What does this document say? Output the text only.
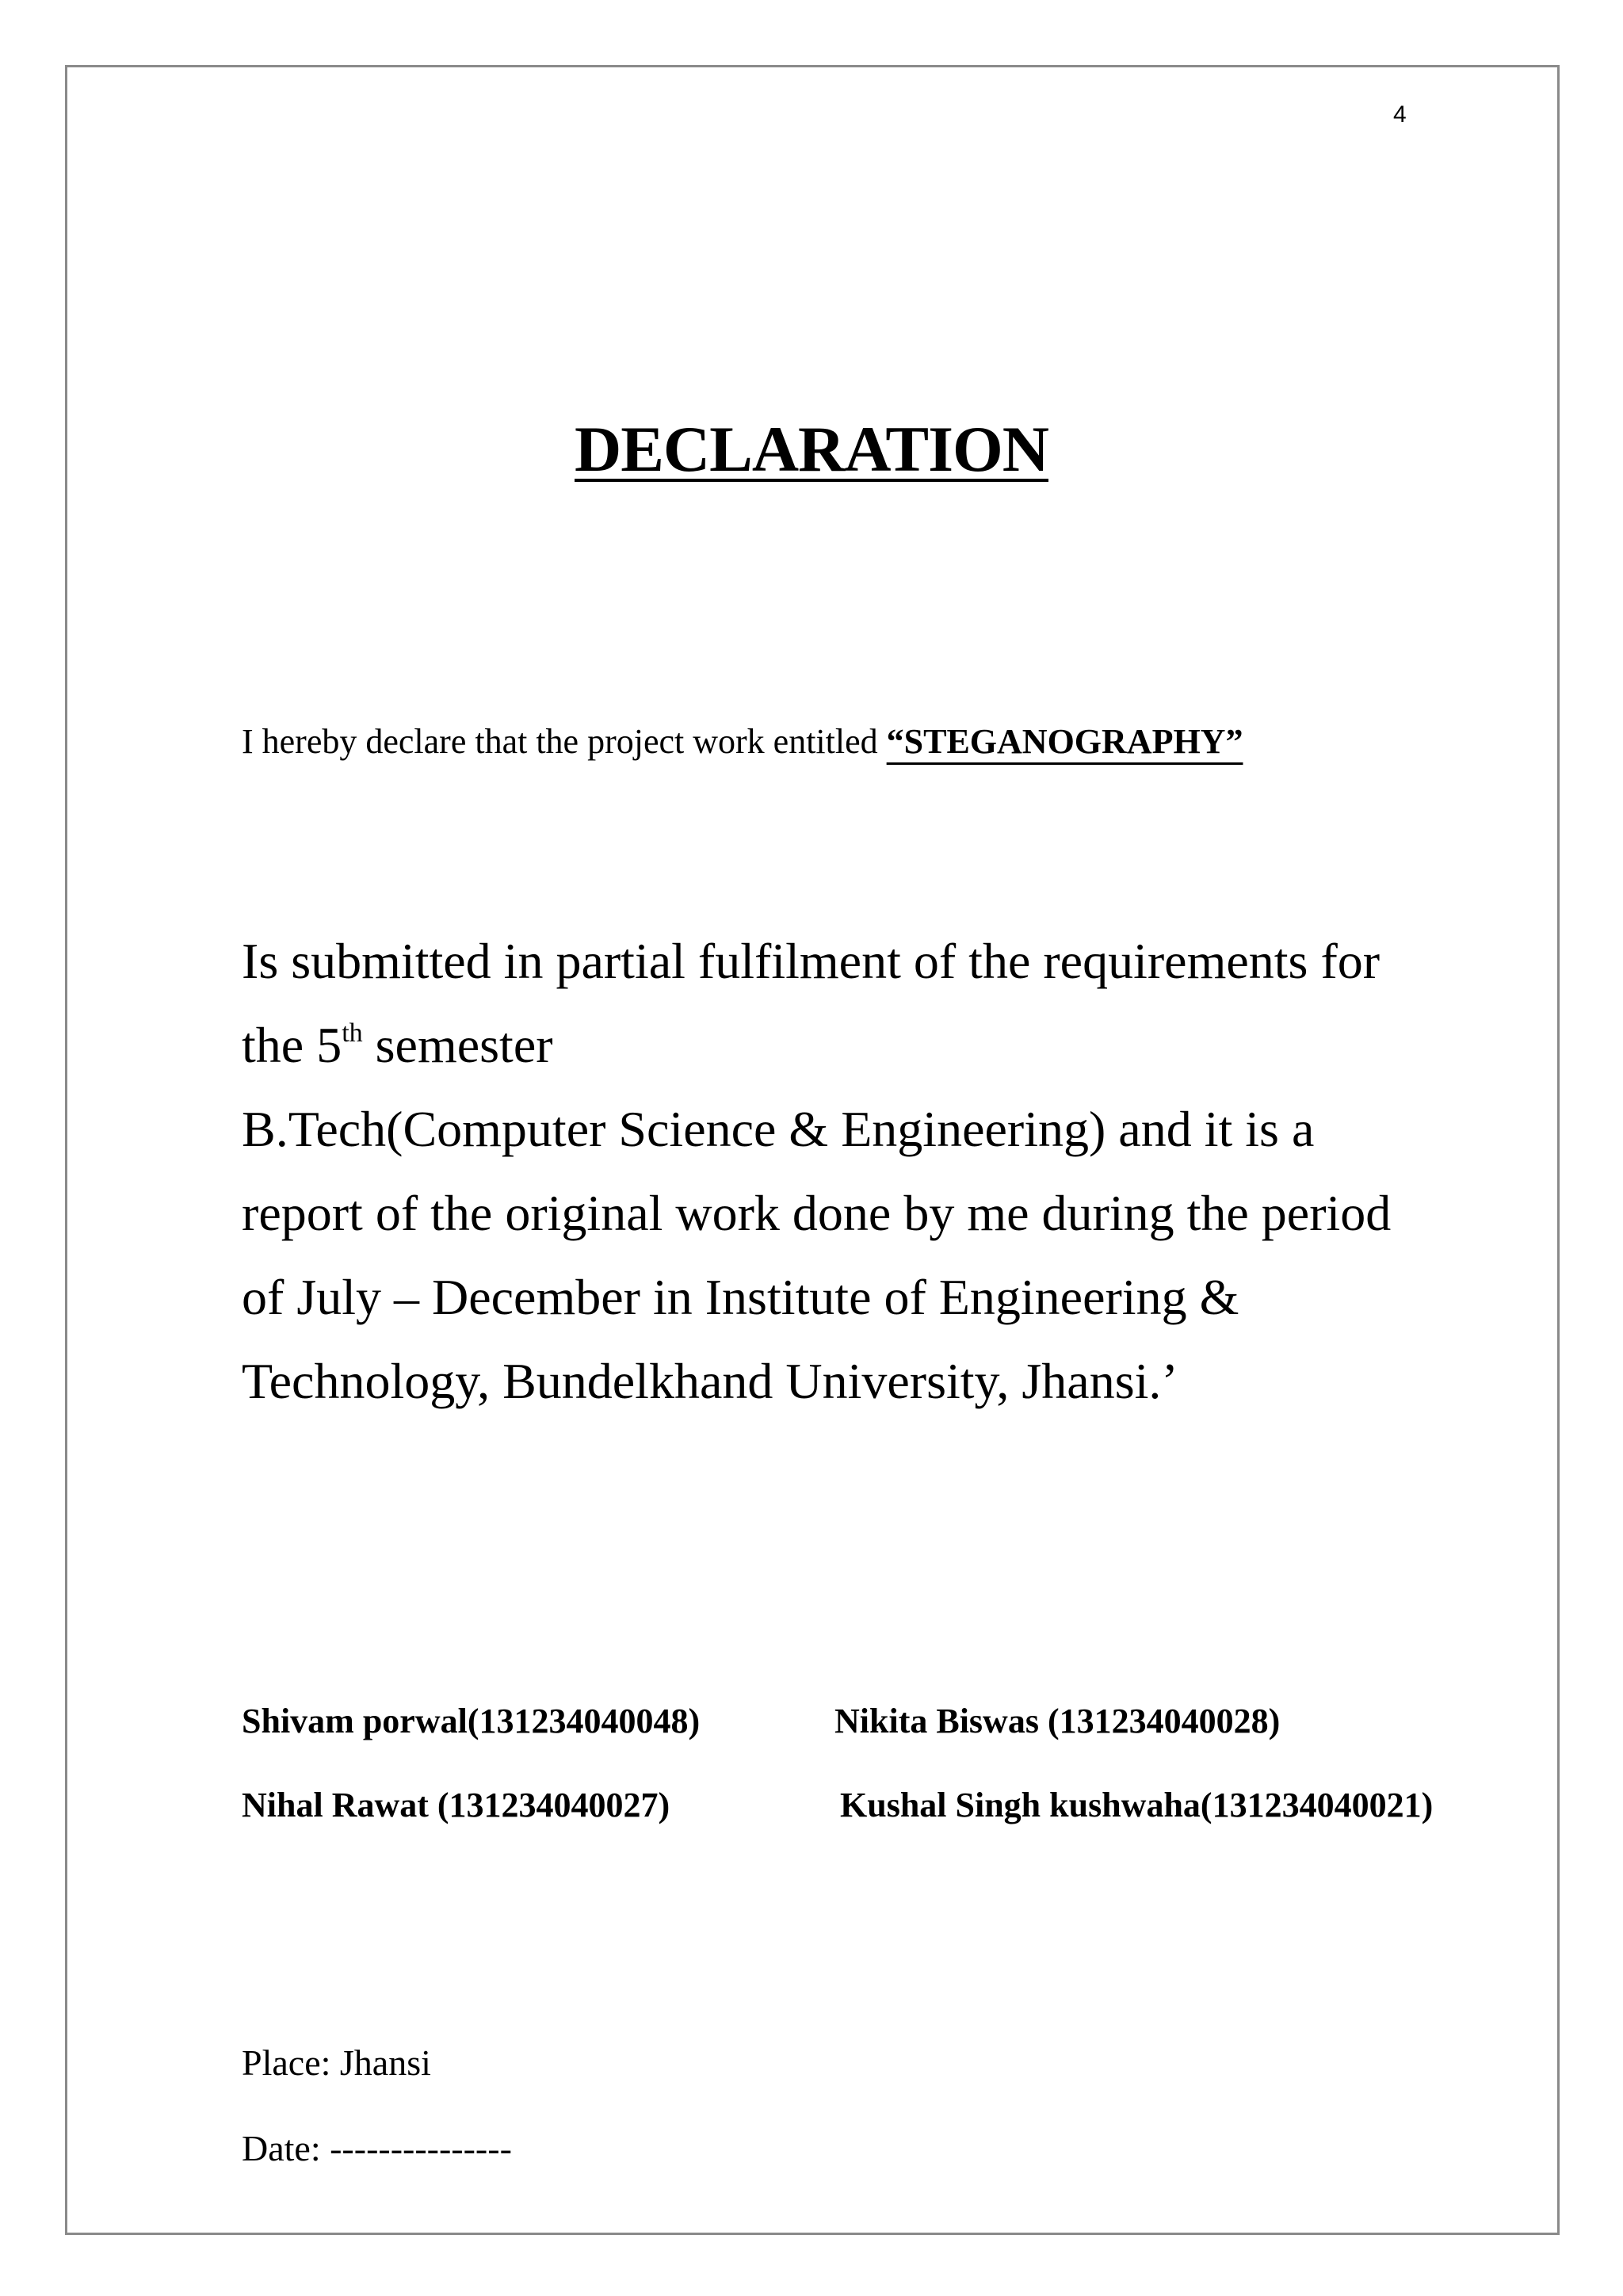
4
DECLARATION
I hereby declare that the project work entitled “STEGANOGRAPHY”
Is submitted in partial fulfilment of the requirements for
the 5th semester
B.Tech(Computer Science & Engineering) and it is a
report of the original work done by me during the period
of July – December in Institute of Engineering &
Technology, Bundelkhand University, Jhansi.’
Shivam porwal(131234040048)	Nikita Biswas (131234040028)
Nihal Rawat (131234040027)	Kushal Singh kushwaha(131234040021)
Place: Jhansi
Date: ---------------
